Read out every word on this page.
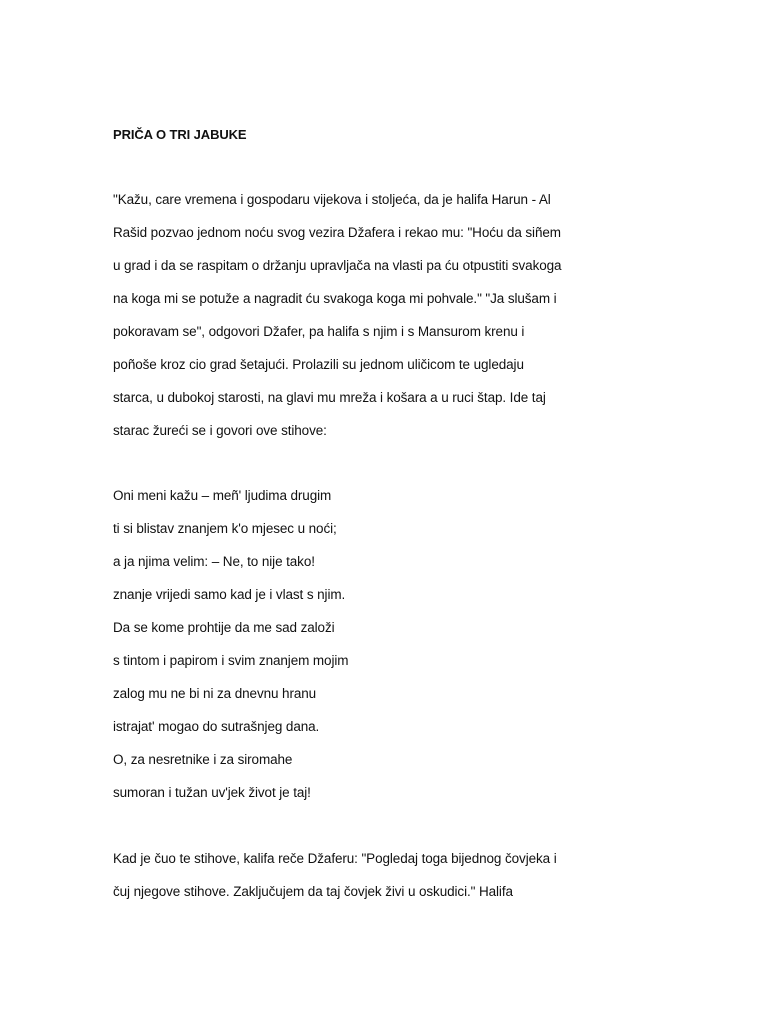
PRIČA O TRI JABUKE
"Kažu, care vremena i gospodaru vijekova i stoljeća, da je halifa Harun - Al
Rašid pozvao jednom noću svog vezira Džafera i rekao mu: "Hoću da siñem
u grad i da se raspitam o držanju upravljača na vlasti pa ću otpustiti svakoga
na koga mi se potuže a nagradit ću svakoga koga mi pohvale." "Ja slušam i
pokoravam se", odgovori Džafer, pa halifa s njim i s Mansurom krenu i
poñoše kroz cio grad šetajući. Prolazili su jednom uličicom te ugledaju
starca, u dubokoj starosti, na glavi mu mreža i košara a u ruci štap. Ide taj
starac žureći se i govori ove stihove:
Oni meni kažu – meñ' ljudima drugim
ti si blistav znanjem k'o mjesec u noći;
a ja njima velim: – Ne, to nije tako!
znanje vrijedi samo kad je i vlast s njim.
Da se kome prohtije da me sad založi
s tintom i papirom i svim znanjem mojim
zalog mu ne bi ni za dnevnu hranu
istrajat' mogao do sutrašnjeg dana.
O, za nesretnike i za siromahe
sumoran i tužan uv'jek život je taj!
Kad je čuo te stihove, kalifa reče Džaferu: "Pogledaj toga bijednog čovjeka i
čuj njegove stihove. Zaključujem da taj čovjek živi u oskudici." Halifa
